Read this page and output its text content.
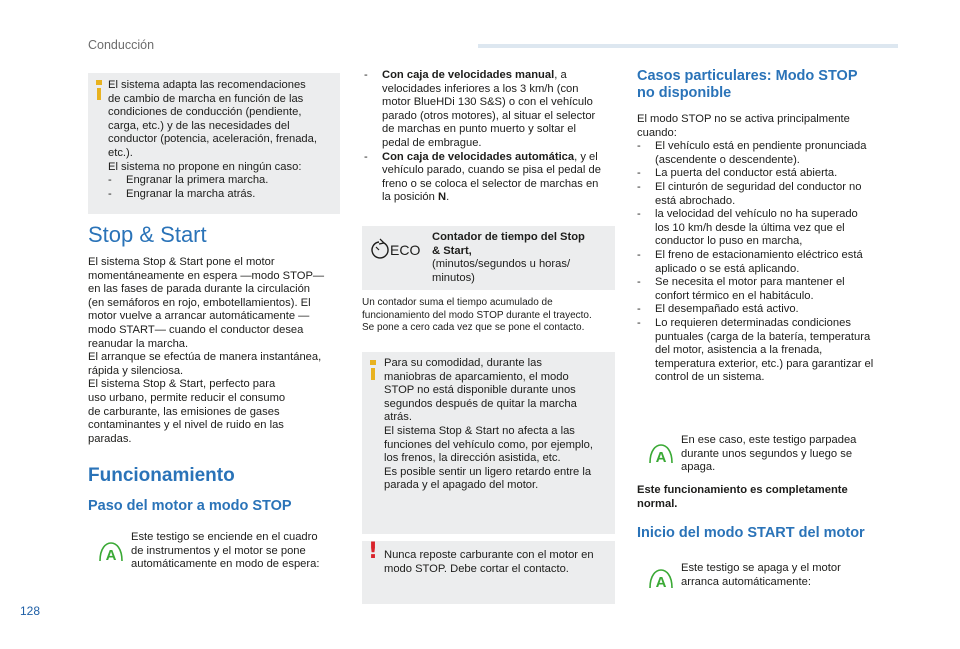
Conducción
El sistema adapta las recomendaciones
de cambio de marcha en función de las
condiciones de conducción (pendiente,
carga, etc.) y de las necesidades del
conductor (potencia, aceleración, frenada,
etc.).
El sistema no propone en ningún caso:
- Engranar la primera marcha.
- Engranar la marcha atrás.
Stop & Start
El sistema Stop & Start pone el motor
momentáneamente en espera —modo STOP—
en las fases de parada durante la circulación
(en semáforos en rojo, embotellamientos). El
motor vuelve a arrancar automáticamente —
modo START— cuando el conductor desea
reanudar la marcha.
El arranque se efectúa de manera instantánea,
rápida y silenciosa.
El sistema Stop & Start, perfecto para
uso urbano, permite reducir el consumo
de carburante, las emisiones de gases
contaminantes y el nivel de ruido en las
paradas.
Funcionamiento
Paso del motor a modo STOP
A
Este testigo se enciende en el cuadro
de instrumentos y el motor se pone
automáticamente en modo de espera:
- Con caja de velocidades manual, a
velocidades inferiores a los 3 km/h (con
motor BlueHDi 130 S&S) o con el vehículo
parado (otros motores), al situar el selector
de marchas en punto muerto y soltar el
pedal de embrague.
- Con caja de velocidades automática, y el
vehículo parado, cuando se pisa el pedal de
freno o se coloca el selector de marchas en
la posición N.
ECO
Contador de tiempo del Stop
& Start,
(minutos/segundos u horas/
minutos)
Un contador suma el tiempo acumulado de
funcionamiento del modo STOP durante el trayecto.
Se pone a cero cada vez que se pone el contacto.
Para su comodidad, durante las
maniobras de aparcamiento, el modo
STOP no está disponible durante unos
segundos después de quitar la marcha
atrás.
El sistema Stop & Start no afecta a las
funciones del vehículo como, por ejemplo,
los frenos, la dirección asistida, etc.
Es posible sentir un ligero retardo entre la
parada y el apagado del motor.
! Nunca reposte carburante con el motor en
modo STOP. Debe cortar el contacto.
Casos particulares: Modo STOP
no disponible
El modo STOP no se activa principalmente
cuando:
- El vehículo está en pendiente pronunciada
(ascendente o descendente).
- La puerta del conductor está abierta.
- El cinturón de seguridad del conductor no
está abrochado.
- la velocidad del vehículo no ha superado
los 10 km/h desde la última vez que el
conductor lo puso en marcha,
- El freno de estacionamiento eléctrico está
aplicado o se está aplicando.
- Se necesita el motor para mantener el
confort térmico en el habitáculo.
- El desempañado está activo.
- Lo requieren determinadas condiciones
puntuales (carga de la batería, temperatura
del motor, asistencia a la frenada,
temperatura exterior, etc.) para garantizar el
control de un sistema.
A
En ese caso, este testigo parpadea
durante unos segundos y luego se
apaga.
Este funcionamiento es completamente
normal.
Inicio del modo START del motor
A
Este testigo se apaga y el motor
arranca automáticamente:
128
